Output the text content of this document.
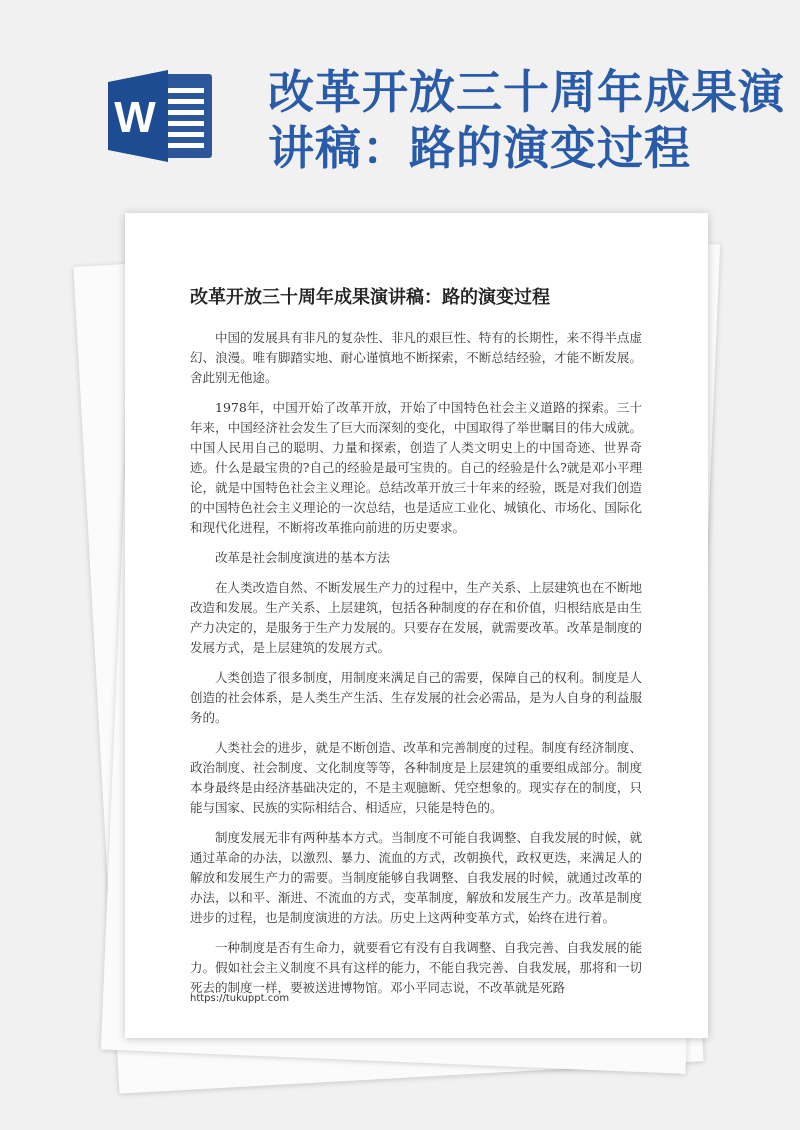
W 改革开放三十周年成果演讲稿：路的演变过程
改革开放三十周年成果演讲稿：路的演变过程

中国的发展具有非凡的复杂性、非凡的艰巨性、特有的长期性，来不得半点虚幻、浪漫。唯有脚踏实地、耐心谨慎地不断探索，不断总结经验，才能不断发展。舍此别无他途。

1978年，中国开始了改革开放，开始了中国特色社会主义道路的探索。三十年来，中国经济社会发生了巨大而深刻的变化，中国取得了举世瞩目的伟大成就。中国人民用自己的聪明、力量和探索，创造了人类文明史上的中国奇迹、世界奇迹。什么是最宝贵的?自己的经验是最可宝贵的。自己的经验是什么?就是邓小平理论，就是中国特色社会主义理论。总结改革开放三十年来的经验，既是对我们创造的中国特色社会主义理论的一次总结，也是适应工业化、城镇化、市场化、国际化和现代化进程，不断将改革推向前进的历史要求。

改革是社会制度演进的基本方法

在人类改造自然、不断发展生产力的过程中，生产关系、上层建筑也在不断地改造和发展。生产关系、上层建筑，包括各种制度的存在和价值，归根结底是由生产力决定的，是服务于生产力发展的。只要存在发展，就需要改革。改革是制度的发展方式，是上层建筑的发展方式。

人类创造了很多制度，用制度来满足自己的需要，保障自己的权利。制度是人创造的社会体系，是人类生产生活、生存发展的社会必需品，是为人自身的利益服务的。

人类社会的进步，就是不断创造、改革和完善制度的过程。制度有经济制度、政治制度、社会制度、文化制度等等，各种制度是上层建筑的重要组成部分。制度本身最终是由经济基础决定的，不是主观臆断、凭空想象的。现实存在的制度，只能与国家、民族的实际相结合、相适应，只能是特色的。

制度发展无非有两种基本方式。当制度不可能自我调整、自我发展的时候，就通过革命的办法，以激烈、暴力、流血的方式，改朝换代，政权更迭，来满足人的解放和发展生产力的需要。当制度能够自我调整、自我发展的时候，就通过改革的办法，以和平、渐进、不流血的方式，变革制度，解放和发展生产力。改革是制度进步的过程，也是制度演进的方法。历史上这两种变革方式，始终在进行着。

一种制度是否有生命力，就要看它有没有自我调整、自我完善、自我发展的能力。假如社会主义制度不具有这样的能力，不能自我完善、自我发展，那将和一切死去的制度一样，要被送进博物馆。邓小平同志说，不改革就是死路

https://tukuppt.com
